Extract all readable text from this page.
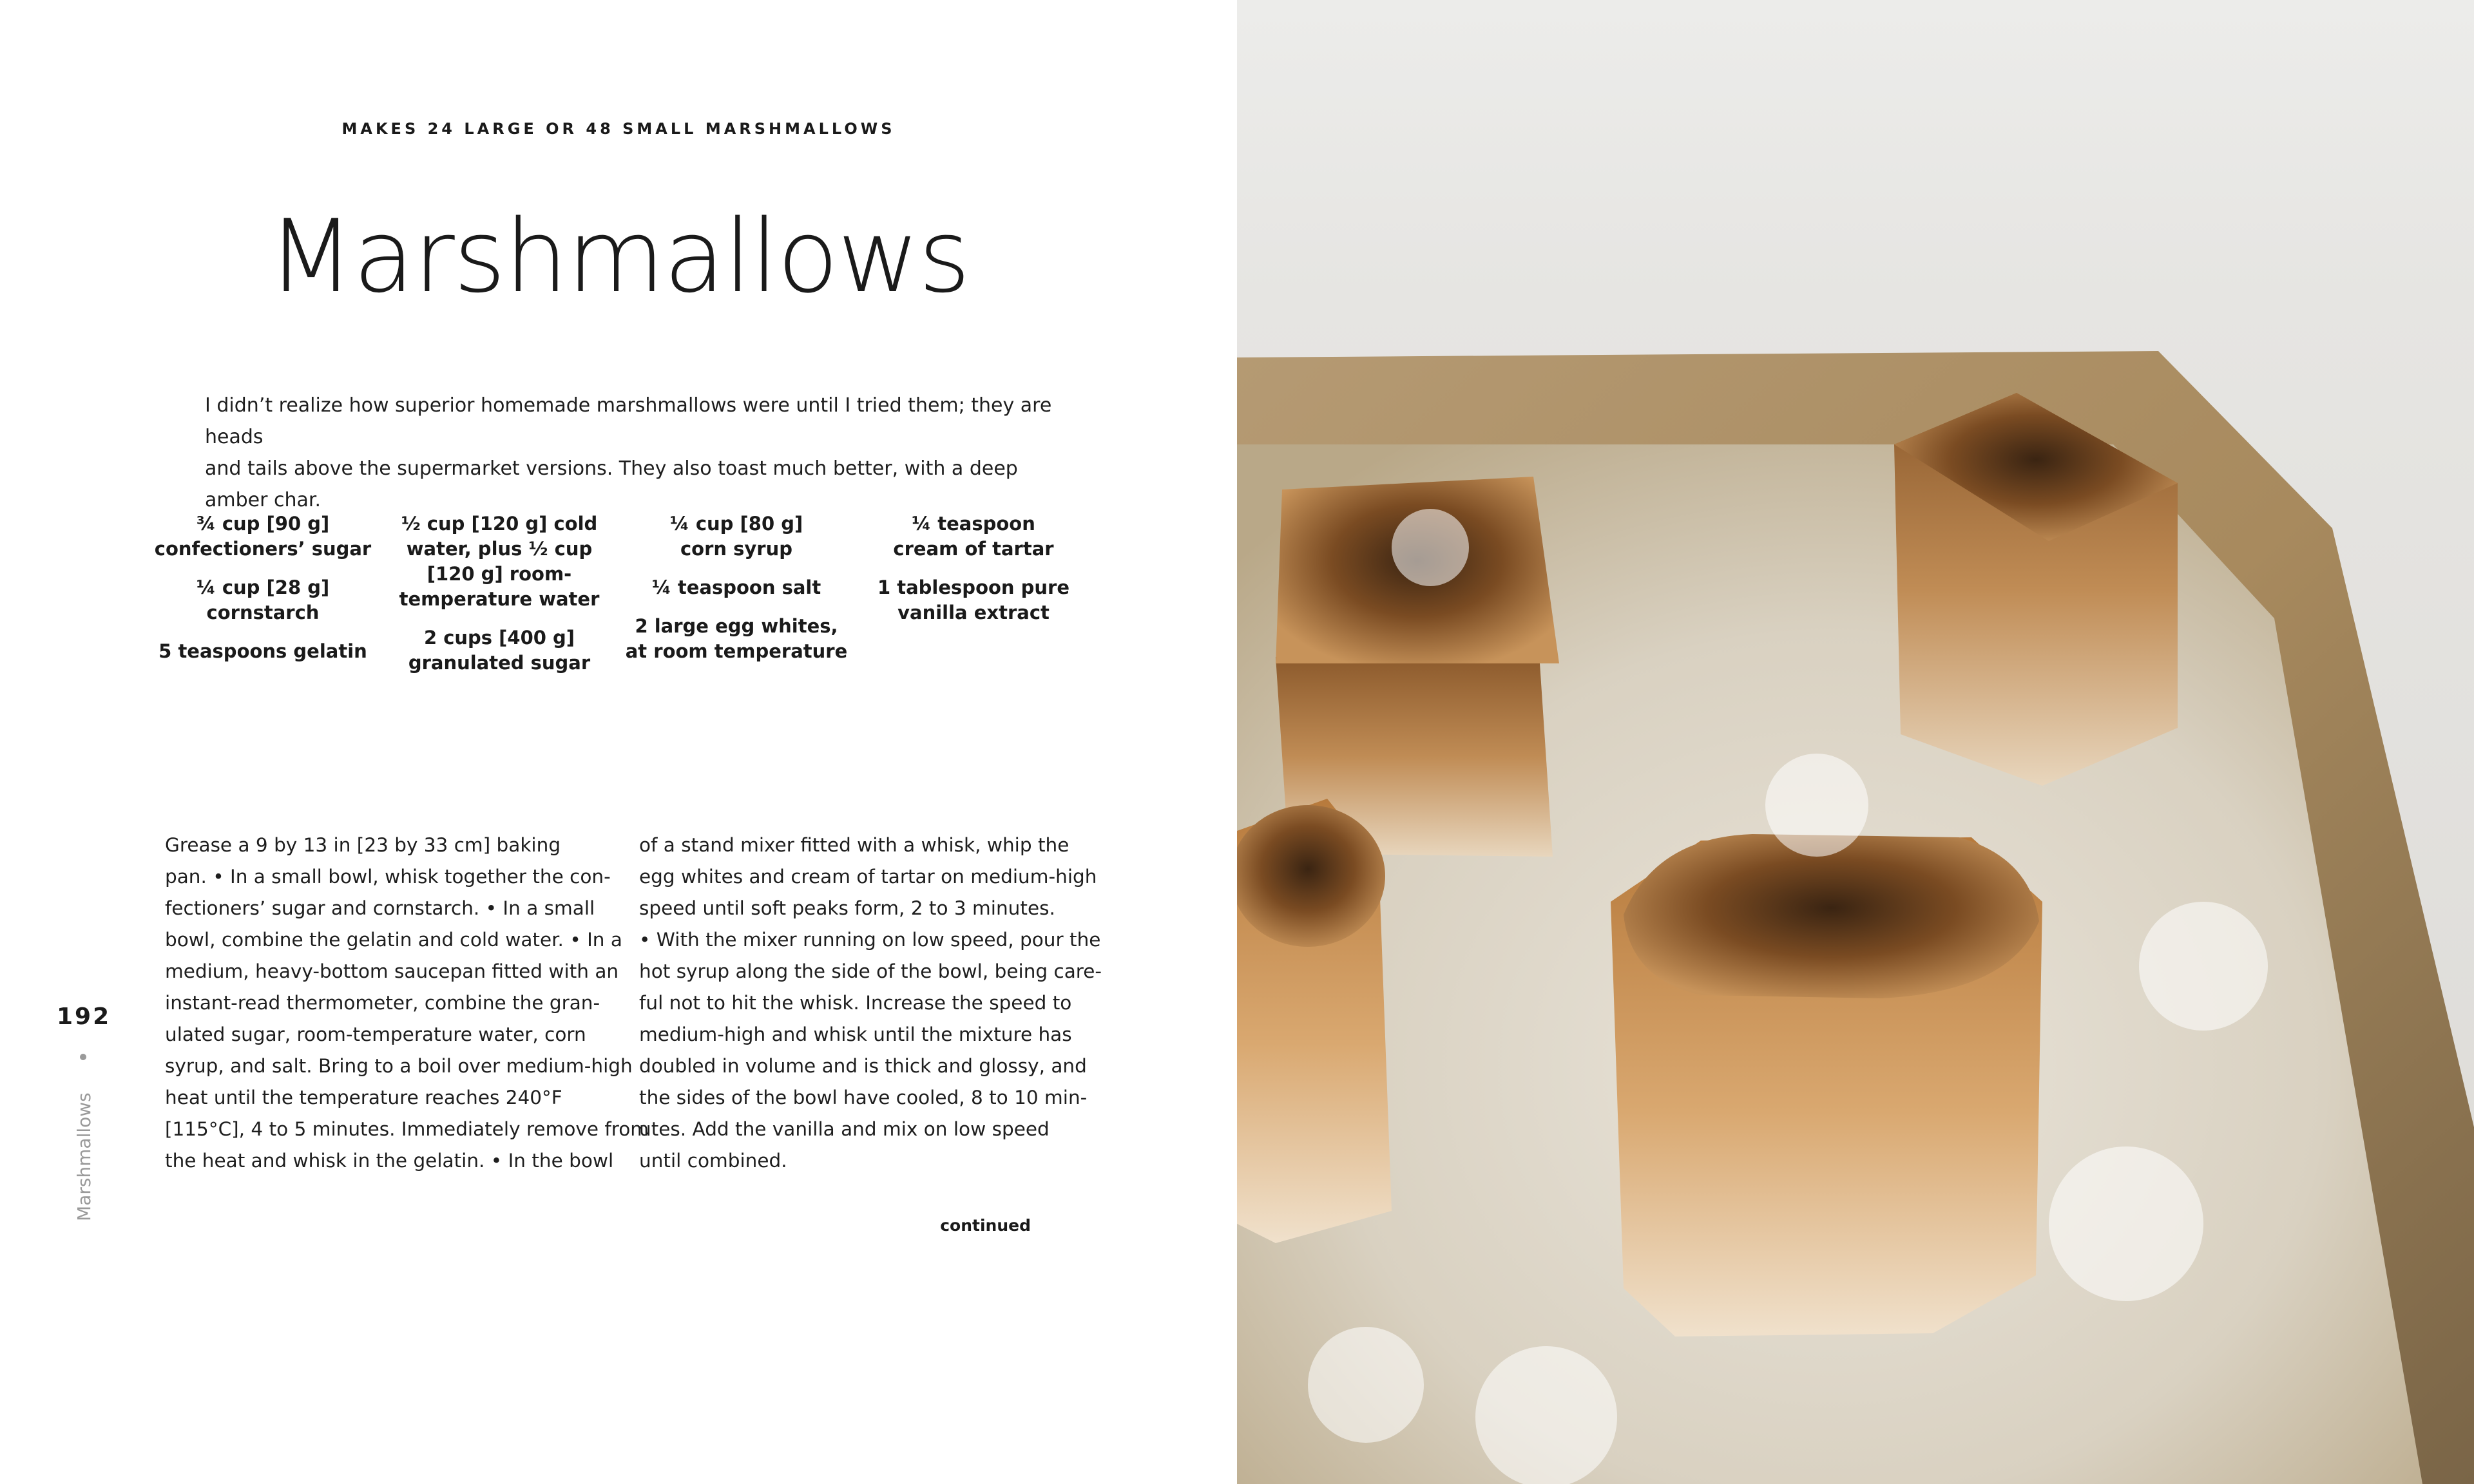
MAKES 24 LARGE OR 48 SMALL MARSHMALLOWS
Marshmallows
I didn’t realize how superior homemade marshmallows were until I tried them; they are heads
and tails above the supermarket versions. They also toast much better, with a deep amber char.
¾ cup [90 g]
confectioners’ sugar
¼ cup [28 g]
cornstarch
5 teaspoons gelatin
½ cup [120 g] cold
water, plus ½ cup
[120 g] room-
temperature water
2 cups [400 g]
granulated sugar
¼ cup [80 g]
corn syrup
¼ teaspoon salt
2 large egg whites,
at room temperature
¼ teaspoon
cream of tartar
1 tablespoon pure
vanilla extract
Grease a 9 by 13 in [23 by 33 cm] baking
pan. • In a small bowl, whisk together the con-
fectioners’ sugar and cornstarch. • In a small
bowl, combine the gelatin and cold water. • In a
medium, heavy-bottom saucepan fitted with an
instant-read thermometer, combine the gran-
ulated sugar, room-temperature water, corn
syrup, and salt. Bring to a boil over medium-high
heat until the temperature reaches 240°F
[115°C], 4 to 5 minutes. Immediately remove from
the heat and whisk in the gelatin. • In the bowl
of a stand mixer fitted with a whisk, whip the
egg whites and cream of tartar on medium-high
speed until soft peaks form, 2 to 3 minutes.
• With the mixer running on low speed, pour the
hot syrup along the side of the bowl, being care-
ful not to hit the whisk. Increase the speed to
medium-high and whisk until the mixture has
doubled in volume and is thick and glossy, and
the sides of the bowl have cooled, 8 to 10 min-
utes. Add the vanilla and mix on low speed
until combined.
continued
192
Marshmallows
